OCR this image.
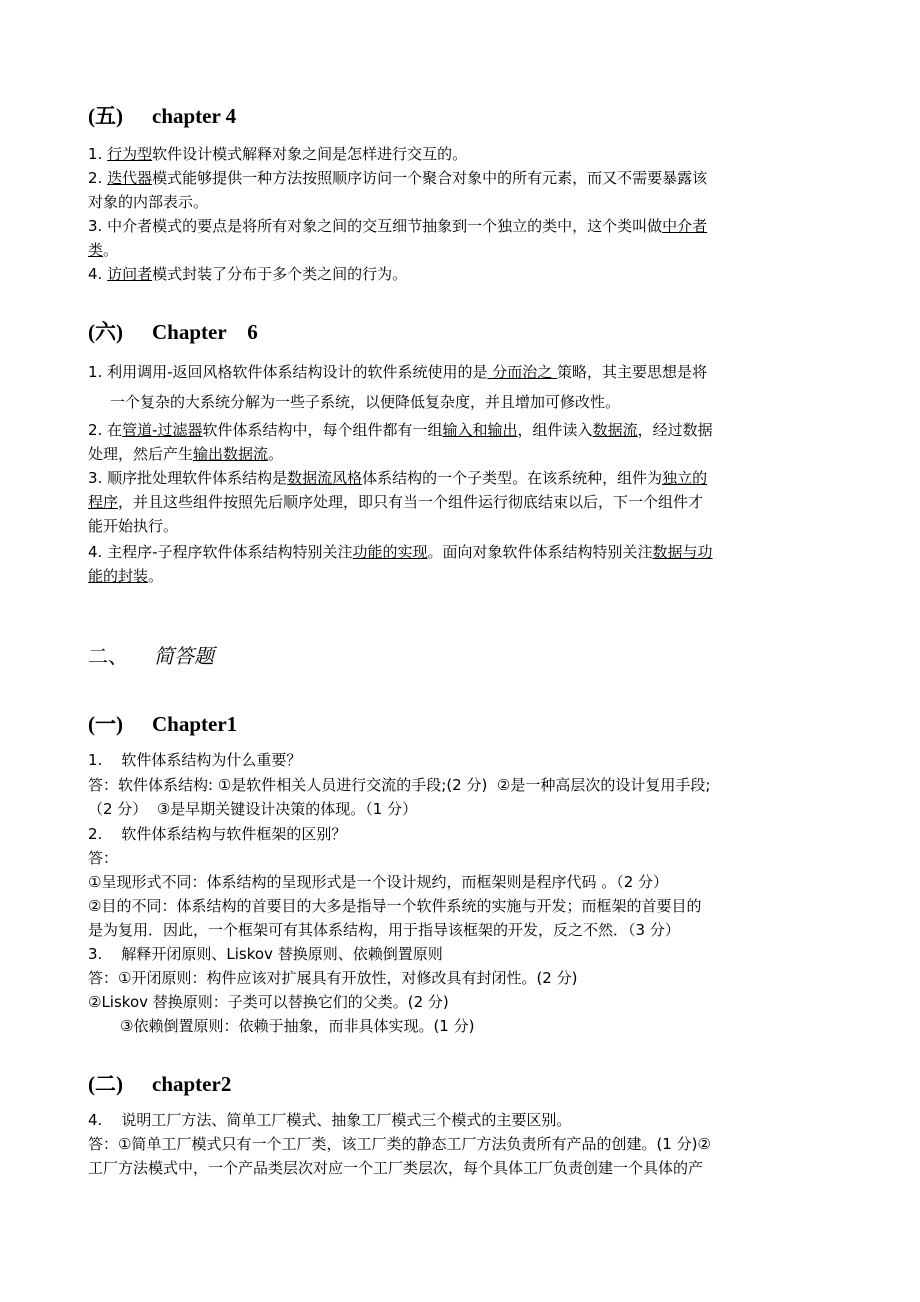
(五) chapter 4
1. 行为型软件设计模式解释对象之间是怎样进行交互的。
2. 迭代器模式能够提供一种方法按照顺序访问一个聚合对象中的所有元素，而又不需要暴露该
对象的内部表示。
3. 中介者模式的要点是将所有对象之间的交互细节抽象到一个独立的类中，这个类叫做中介者
类。
4. 访问者模式封装了分布于多个类之间的行为。
(六) Chapter    6
1. 利用调用-返回风格软件体系结构设计的软件系统使用的是 分而治之 策略，其主要思想是将
一个复杂的大系统分解为一些子系统，以便降低复杂度，并且增加可修改性。
2. 在管道-过滤器软件体系结构中，每个组件都有一组输入和输出，组件读入数据流，经过数据
处理，然后产生输出数据流。
3. 顺序批处理软件体系结构是数据流风格体系结构的一个子类型。在该系统种，组件为独立的
程序，并且这些组件按照先后顺序处理，即只有当一个组件运行彻底结束以后，下一个组件才
能开始执行。
4. 主程序-子程序软件体系结构特别关注功能的实现。面向对象软件体系结构特别关注数据与功
能的封装。
二、 简答题
(一) Chapter1
1.    软件体系结构为什么重要？
答：软件体系结构: ①是软件相关人员进行交流的手段;(2 分)  ②是一种高层次的设计复用手段;
（2 分）  ③是早期关键设计决策的体现。（1 分）
2.    软件体系结构与软件框架的区别？
答：
①呈现形式不同：体系结构的呈现形式是一个设计规约，而框架则是程序代码 。（2 分）
②目的不同：体系结构的首要目的大多是指导一个软件系统的实施与开发；而框架的首要目的
是为复用．因此，一个框架可有其体系结构，用于指导该框架的开发，反之不然．（3 分）
3.    解释开闭原则、Liskov 替换原则、依赖倒置原则
答：①开闭原则：构件应该对扩展具有开放性，对修改具有封闭性。(2 分)
②Liskov 替换原则：子类可以替换它们的父类。(2 分)
③依赖倒置原则：依赖于抽象，而非具体实现。(1 分)
(二) chapter2
4.    说明工厂方法、简单工厂模式、抽象工厂模式三个模式的主要区别。
答：①简单工厂模式只有一个工厂类，该工厂类的静态工厂方法负责所有产品的创建。(1 分)②
工厂方法模式中，一个产品类层次对应一个工厂类层次，每个具体工厂负责创建一个具体的产
